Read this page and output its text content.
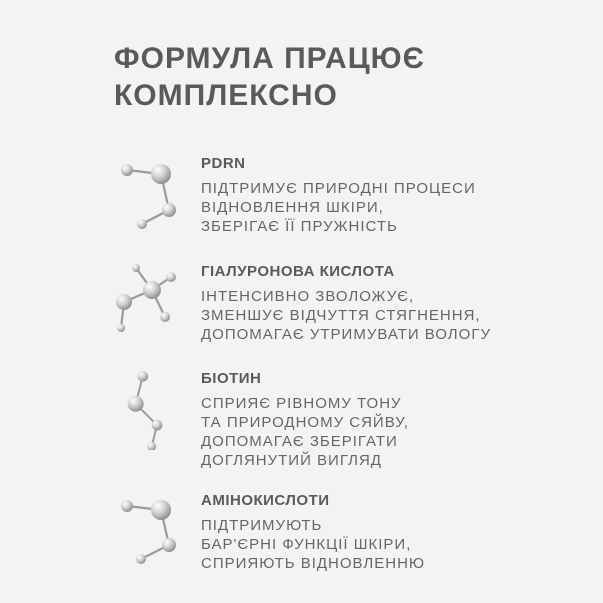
ФОРМУЛА ПРАЦЮЄ
КОМПЛЕКСНО
PDRN

ПІДТРИМУЄ ПРИРОДНІ ПРОЦЕСИ
ВІДНОВЛЕННЯ ШКІРИ,
ЗБЕРІГАЄ ЇЇ ПРУЖНІСТЬ

ГІАЛУРОНОВА КИСЛОТА

ІНТЕНСИВНО ЗВОЛОЖУЄ,
ЗМЕНШУЄ ВІДЧУТТЯ СТЯГНЕННЯ,
ДОПОМАГАЄ УТРИМУВАТИ ВОЛОГУ

БІОТИН

СПРИЯЄ РІВНОМУ ТОНУ
ТА ПРИРОДНОМУ СЯЙВУ,
ДОПОМАГАЄ ЗБЕРІГАТИ
ДОГЛЯНУТИЙ ВИГЛЯД

АМІНОКИСЛОТИ

ПІДТРИМУЮТЬ
БАР'ЄРНІ ФУНКЦІЇ ШКІРИ,
СПРИЯЮТЬ ВІДНОВЛЕННЮ
